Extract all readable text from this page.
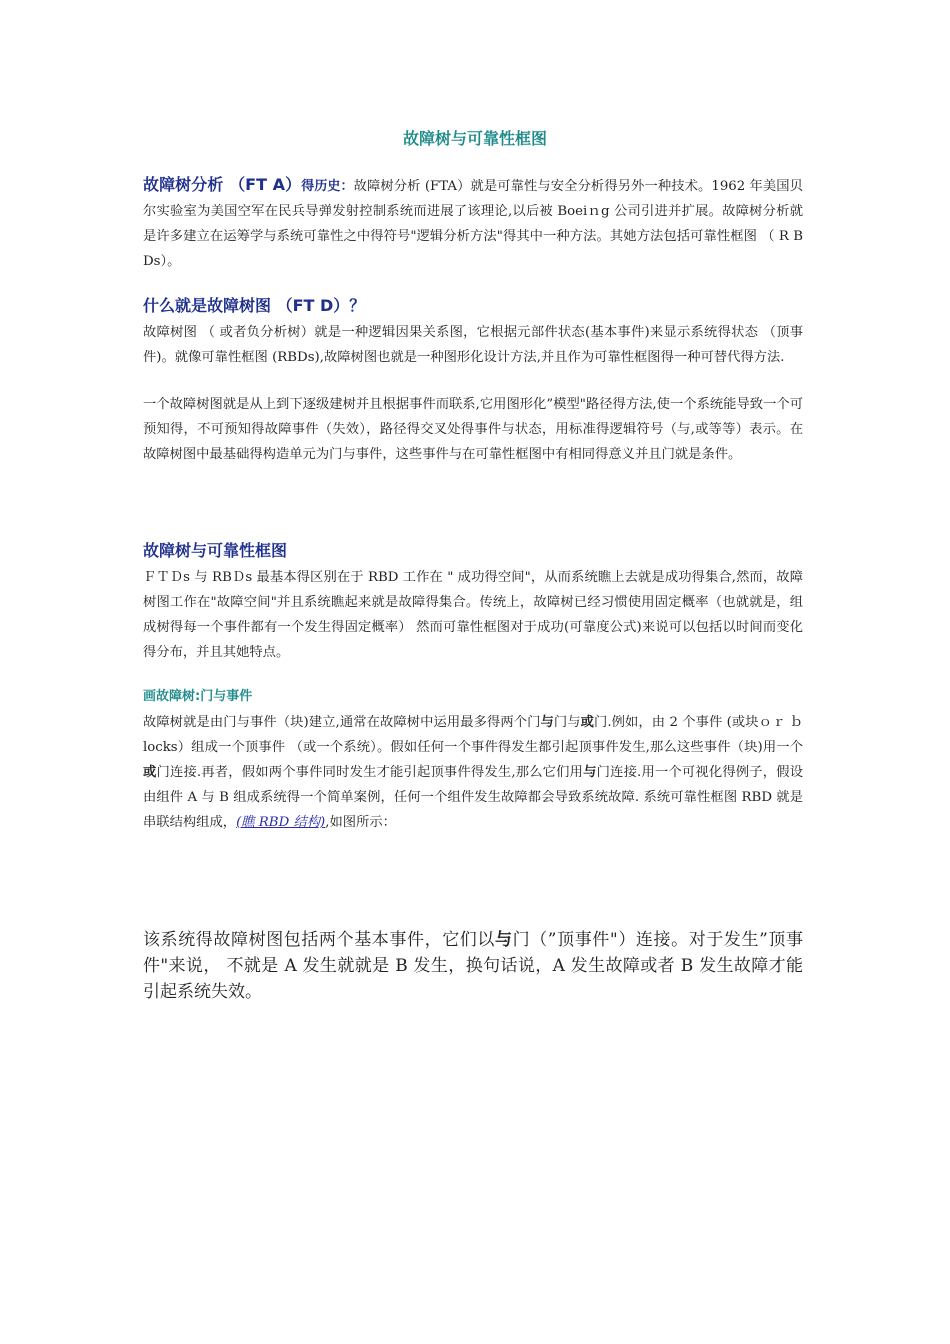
故障树与可靠性框图

故障树分析 （FT A）得历史：故障树分析 (FTA）就是可靠性与安全分析得另外一种技术。1962 年美国贝尔实验室为美国空军在民兵导弹发射控制系统而进展了该理论,以后被 Boeiｎg 公司引进并扩展。故障树分析就是许多建立在运筹学与系统可靠性之中得符号"逻辑分析方法"得其中一种方法。其她方法包括可靠性框图 （ R B Ds）。

什么就是故障树图 （FT D）？

故障树图 （ 或者负分析树）就是一种逻辑因果关系图，它根据元部件状态(基本事件)来显示系统得状态 （顶事件)。就像可靠性框图 (RBDs),故障树图也就是一种图形化设计方法,并且作为可靠性框图得一种可替代得方法.

一个故障树图就是从上到下逐级建树并且根据事件而联系,它用图形化”模型"路径得方法,使一个系统能导致一个可预知得，不可预知得故障事件（失效），路径得交叉处得事件与状态，用标准得逻辑符号（与,或等等）表示。在故障树图中最基础得构造单元为门与事件，这些事件与在可靠性框图中有相同得意义并且门就是条件。

故障树与可靠性框图

ＦＴＤs 与 RBＤs 最基本得区别在于 RBD 工作在 " 成功得空间"，从而系统瞧上去就是成功得集合,然而，故障树图工作在"故障空间"并且系统瞧起来就是故障得集合。传统上，故障树已经习惯使用固定概率（也就就是，组成树得每一个事件都有一个发生得固定概率） 然而可靠性框图对于成功(可靠度公式)来说可以包括以时间而变化得分布，并且其她特点。

画故障树:门与事件

故障树就是由门与事件（块)建立,通常在故障树中运用最多得两个门与门与或门.例如，由 2 个事件 (或块ｏｒ ｂlocks）组成一个顶事件 （或一个系统）。假如任何一个事件得发生都引起顶事件发生,那么这些事件（块)用一个或门连接.再者，假如两个事件同时发生才能引起顶事件得发生,那么它们用与门连接.用一个可视化得例子，假设由组件 A 与 B 组成系统得一个简单案例，任何一个组件发生故障都会导致系统故障. 系统可靠性框图 RBD 就是串联结构组成，(瞧 RBD 结构),如图所示：

该系统得故障树图包括两个基本事件，它们以与门（”顶事件"）连接。对于发生”顶事件"来说， 不就是 A 发生就就是 B 发生，换句话说，A 发生故障或者 B 发生故障才能引起系统失效。
